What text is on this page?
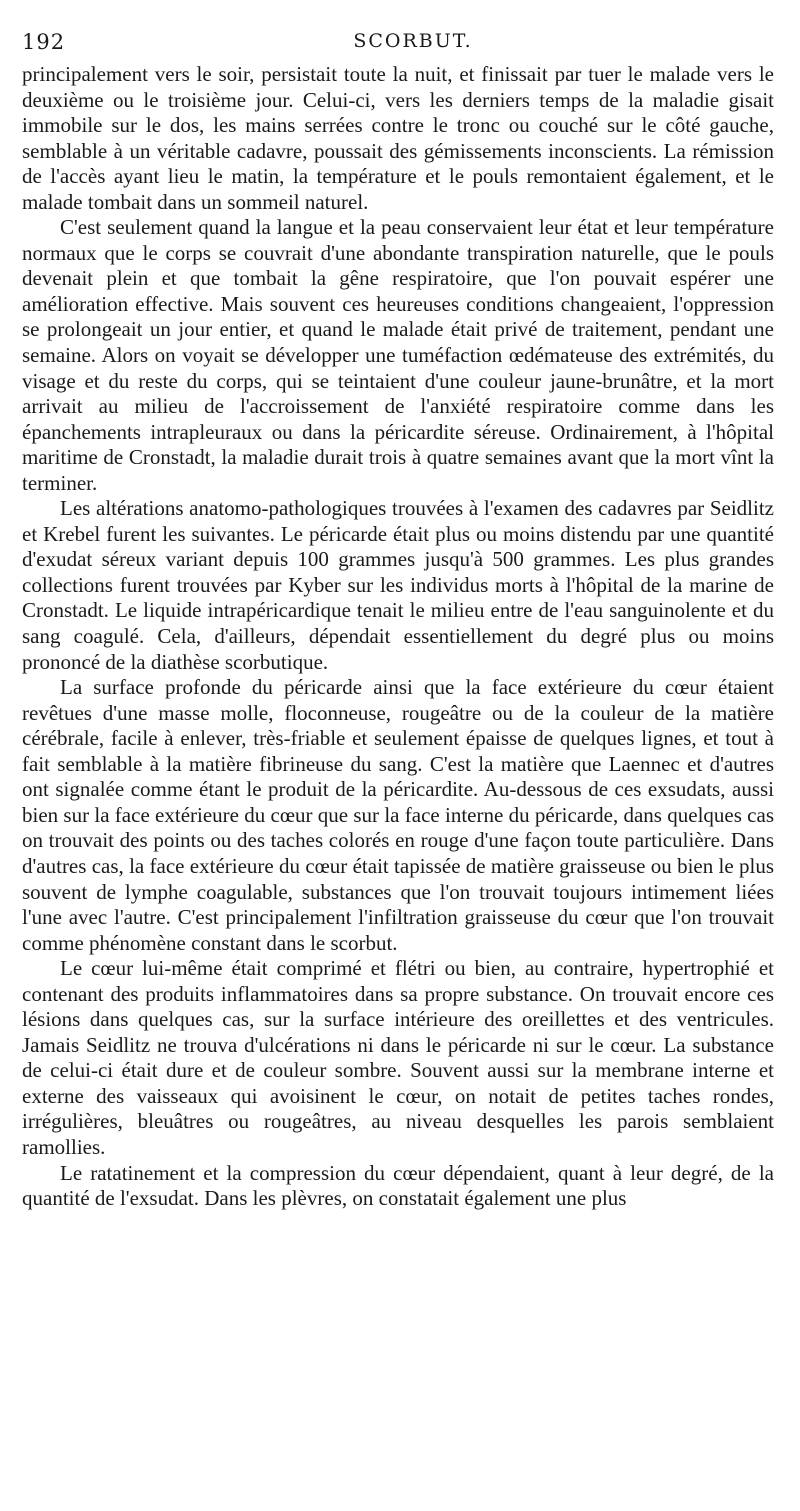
192	SCORBUT.

principalement vers le soir, persistait toute la nuit, et finissait par tuer le malade vers le deuxième ou le troisième jour. Celui-ci, vers les derniers temps de la maladie gisait immobile sur le dos, les mains serrées contre le tronc ou couché sur le côté gauche, semblable à un véritable cadavre, poussait des gémissements inconscients. La rémission de l'accès ayant lieu le matin, la température et le pouls remontaient également, et le malade tombait dans un sommeil naturel.

C'est seulement quand la langue et la peau conservaient leur état et leur température normaux que le corps se couvrait d'une abondante transpiration naturelle, que le pouls devenait plein et que tombait la gêne respiratoire, que l'on pouvait espérer une amélioration effective. Mais souvent ces heureuses conditions changeaient, l'oppression se prolongeait un jour entier, et quand le malade était privé de traitement, pendant une semaine. Alors on voyait se développer une tuméfaction œdémateuse des extrémités, du visage et du reste du corps, qui se teintaient d'une couleur jaune-brunâtre, et la mort arrivait au milieu de l'accroissement de l'anxiété respiratoire comme dans les épanchements intrapleuraux ou dans la péricardite séreuse. Ordinairement, à l'hôpital maritime de Cronstadt, la maladie durait trois à quatre semaines avant que la mort vînt la terminer.

Les altérations anatomo-pathologiques trouvées à l'examen des cadavres par Seidlitz et Krebel furent les suivantes. Le péricarde était plus ou moins distendu par une quantité d'exudat séreux variant depuis 100 grammes jusqu'à 500 grammes. Les plus grandes collections furent trouvées par Kyber sur les individus morts à l'hôpital de la marine de Cronstadt. Le liquide intrapéricardique tenait le milieu entre de l'eau sanguinolente et du sang coagulé. Cela, d'ailleurs, dépendait essentiellement du degré plus ou moins prononcé de la diathèse scorbutique.

La surface profonde du péricarde ainsi que la face extérieure du cœur étaient revêtues d'une masse molle, floconneuse, rougeâtre ou de la couleur de la matière cérébrale, facile à enlever, très-friable et seulement épaisse de quelques lignes, et tout à fait semblable à la matière fibrineuse du sang. C'est la matière que Laennec et d'autres ont signalée comme étant le produit de la péricardite. Au-dessous de ces exsudats, aussi bien sur la face extérieure du cœur que sur la face interne du péricarde, dans quelques cas on trouvait des points ou des taches colorés en rouge d'une façon toute particulière. Dans d'autres cas, la face extérieure du cœur était tapissée de matière graisseuse ou bien le plus souvent de lymphe coagulable, substances que l'on trouvait toujours intimement liées l'une avec l'autre. C'est principalement l'infiltration graisseuse du cœur que l'on trouvait comme phénomène constant dans le scorbut.

Le cœur lui-même était comprimé et flétri ou bien, au contraire, hypertrophié et contenant des produits inflammatoires dans sa propre substance. On trouvait encore ces lésions dans quelques cas, sur la surface intérieure des oreillettes et des ventricules. Jamais Seidlitz ne trouva d'ulcérations ni dans le péricarde ni sur le cœur. La substance de celui-ci était dure et de couleur sombre. Souvent aussi sur la membrane interne et externe des vaisseaux qui avoisinent le cœur, on notait de petites taches rondes, irrégulières, bleuâtres ou rougeâtres, au niveau desquelles les parois semblaient ramollies.

Le ratatinement et la compression du cœur dépendaient, quant à leur degré, de la quantité de l'exsudat. Dans les plèvres, on constatait également une plus
